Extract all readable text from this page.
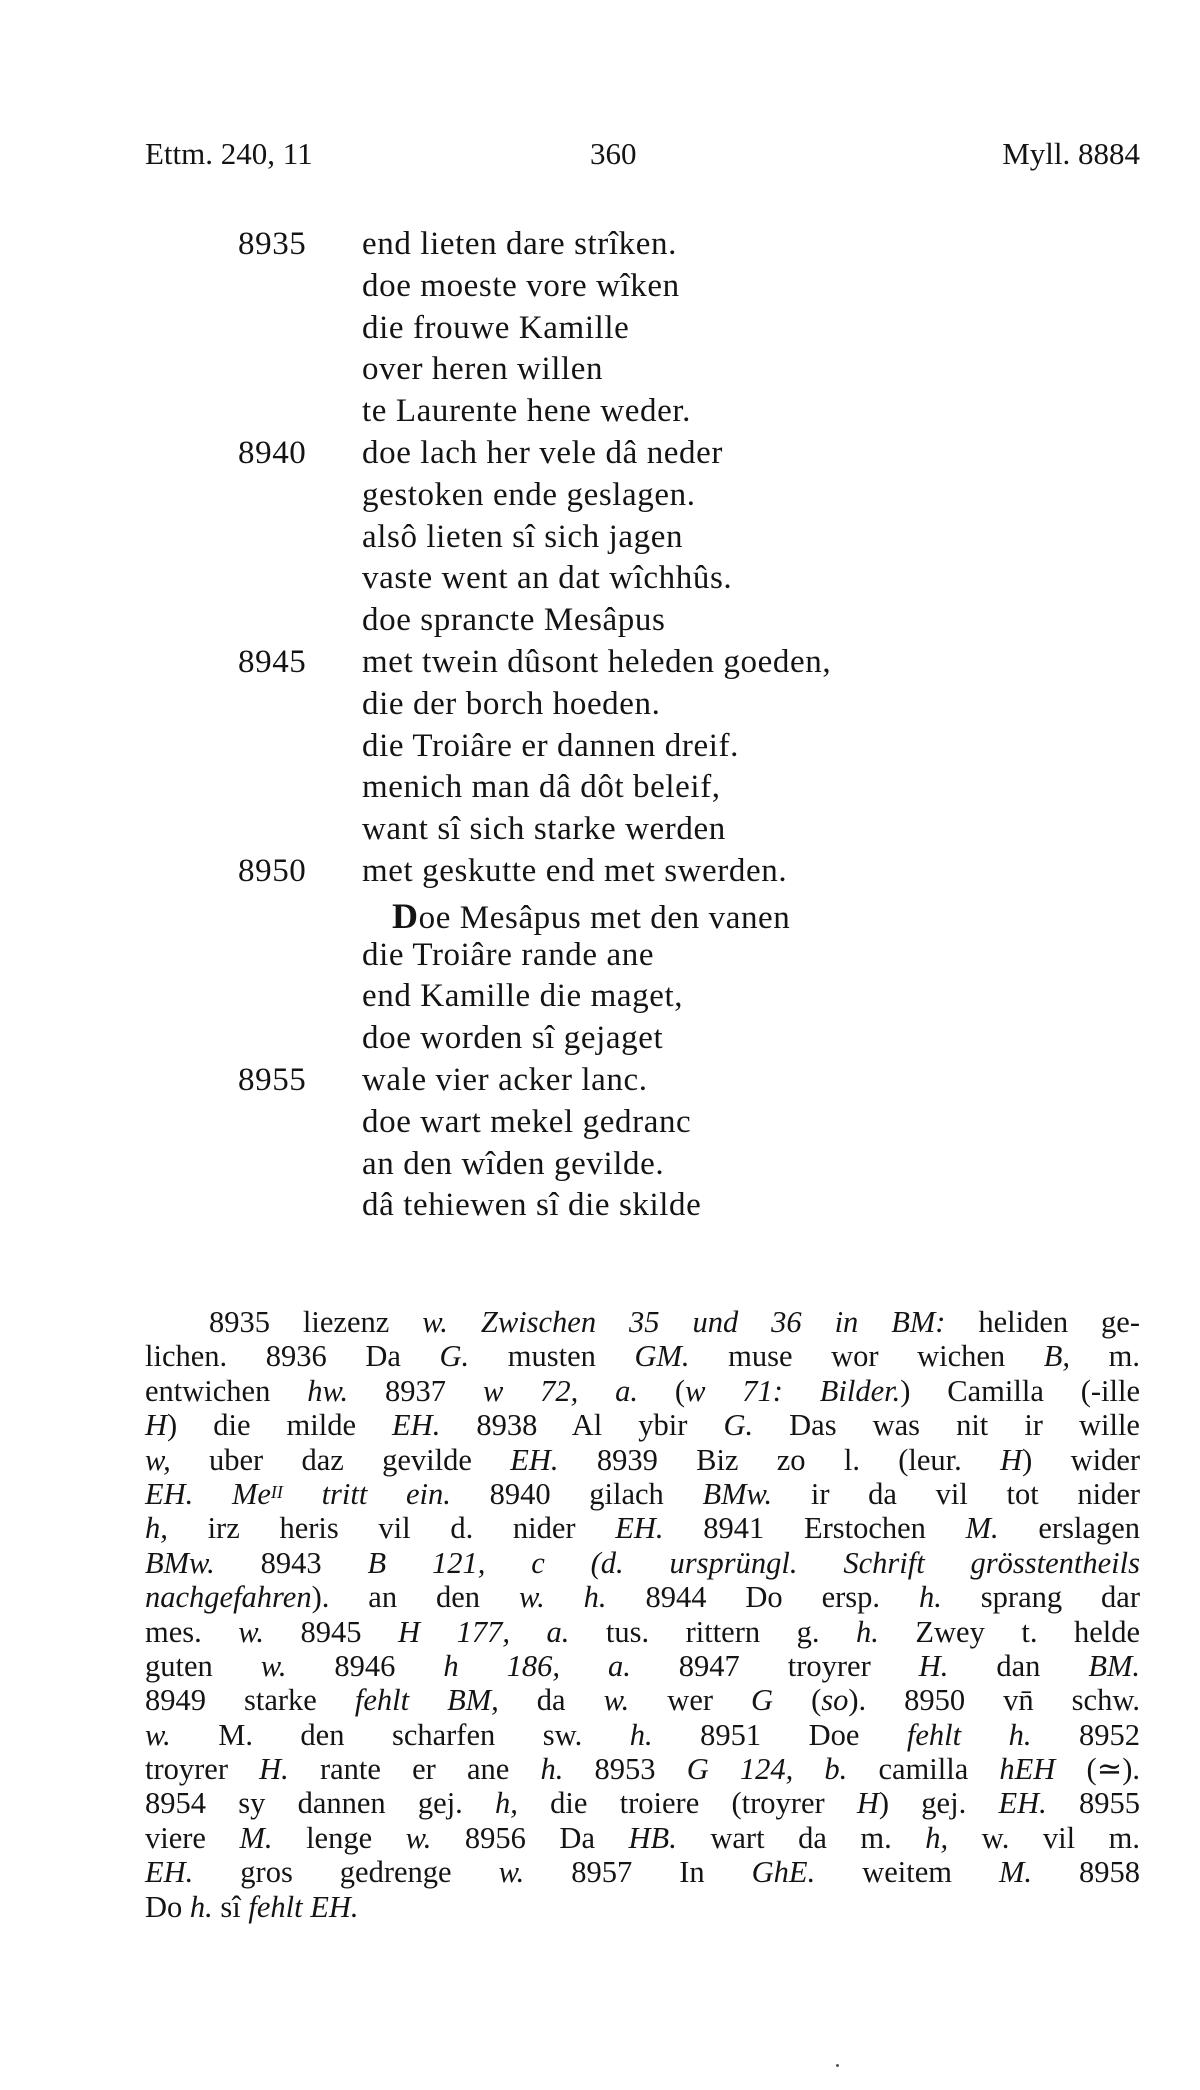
Ettm. 240, 11	360	Myll. 8884
8935 end lieten dare strîken.
doe moeste vore wîken
die frouwe Kamille
over heren willen
te Laurente hene weder.
8940 doe lach her vele dâ neder
gestoken ende geslagen.
alsô lieten sî sich jagen
vaste went an dat wîchhûs.
doe sprancte Mesâpus
8945 met twein dûsont heleden goeden,
die der borch hoeden.
die Troiâre er dannen dreif.
menich man dâ dôt beleif,
want sî sich starke werden
8950 met geskutte end met swerden.
Doe Mesâpus met den vanen
die Troiâre rande ane
end Kamille die maget,
doe worden sî gejaget
8955 wale vier acker lanc.
doe wart mekel gedranc
an den wîden gevilde.
dâ tehiewen sî die skilde
8935 liezenz w. Zwischen 35 und 36 in BM: heliden ge-
lichen. 8936 Da G. musten GM. muse wor wichen B, m.
entwichen hw. 8937 w 72, a. (w 71: Bilder.) Camilla (-ille
H) die milde EH. 8938 Al ybir G. Das was nit ir wille
w, uber daz gevilde EH. 8939 Biz zo l. (leur. H) wider
EH. $Me^{II}$ tritt ein. 8940 gilach BMw. ir da vil tot nider
h, irz heris vil d. nider EH. 8941 Erstochen M. erslagen
BMw. 8943 B 121, c (d. ursprüngl. Schrift grösstentheils
nachgefahren). an den w. h. 8944 Do ersp. h. sprang dar
mes. w. 8945 H 177, a. tus. rittern g. h. Zwey t. helde
guten w. 8946 h 186, a. 8947 troyrer H. dan BM.
8949 starke fehlt BM, da w. wer G (so). 8950 vn̄ schw.
w. M. den scharfen sw. h. 8951 Doe fehlt h. 8952
troyrer H. rante er ane h. 8953 G 124, b. camilla hEH (≃).
8954 sy dannen gej. h, die troiere (troyrer H) gej. EH. 8955
viere M. lenge w. 8956 Da HB. wart da m. h, w. vil m.
EH. gros gedrenge w. 8957 In GhE. weitem M. 8958
Do h. sî fehlt EH.
